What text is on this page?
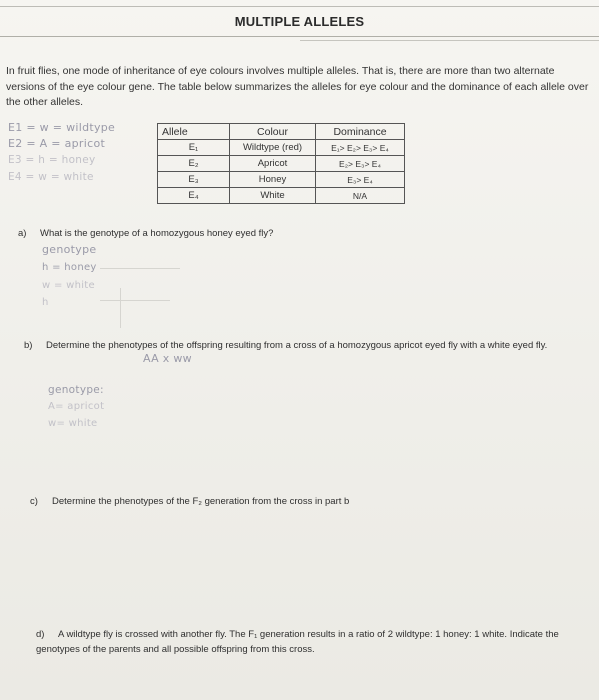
MULTIPLE ALLELES
In fruit flies, one mode of inheritance of eye colours involves multiple alleles. That is, there are more than two alternate versions of the eye colour gene. The table below summarizes the alleles for eye colour and the dominance of each allele over the other alleles.
E1 = w = wildtype
E2 = A = apricot
E3 = h = honey
E4 = w = white
Allele	Colour	Dominance
E₁	Wildtype (red)	E₁> E₂> E₃> E₄
E₂	Apricot	E₂> E₃> E₄
E₃	Honey	E₃> E₄
E₄	White	N/A
a) What is the genotype of a homozygous honey eyed fly?
genotype
h = honey
w = white
h
b) Determine the phenotypes of the offspring resulting from a cross of a homozygous apricot eyed fly with a white eyed fly.
AA x ww
genotype:
A= apricot
w= white
c) Determine the phenotypes of the F₂ generation from the cross in part b
d) A wildtype fly is crossed with another fly. The F₁ generation results in a ratio of 2 wildtype: 1 honey: 1 white. Indicate the genotypes of the parents and all possible offspring from this cross.
